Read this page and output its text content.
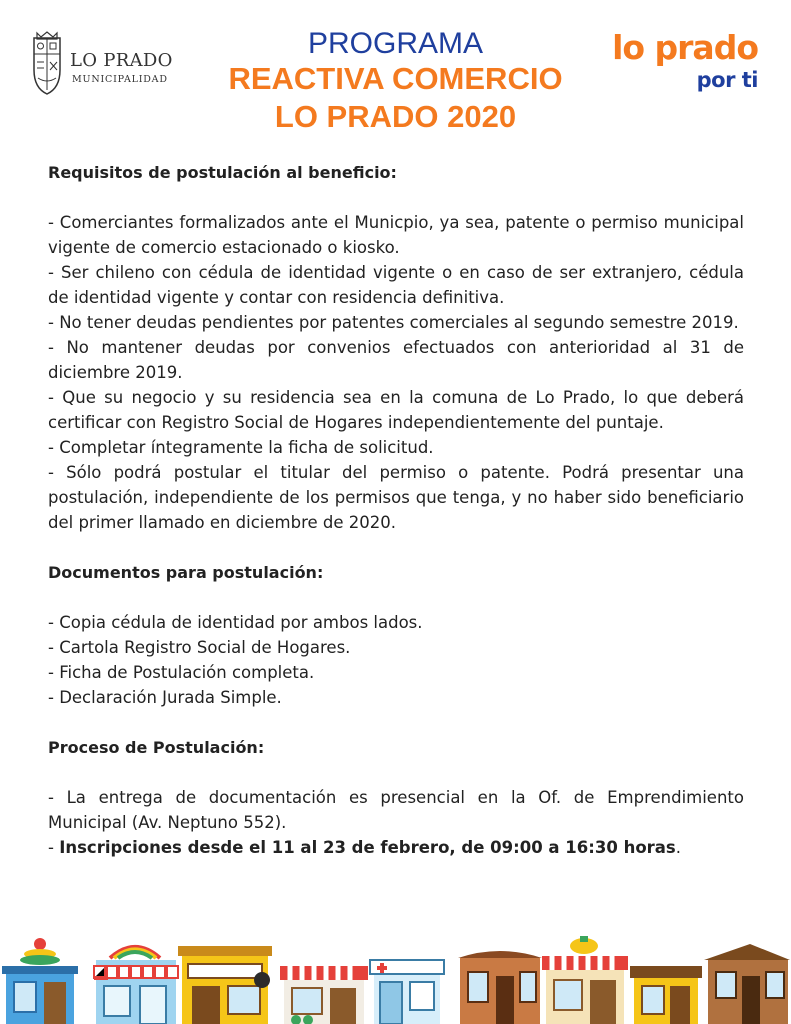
LO PRADO
MUNICIPALIDAD
PROGRAMA
REACTIVA COMERCIO
LO PRADO 2020
lo prado
por ti

Requisitos de postulación al beneficio:

- Comerciantes formalizados ante el Municpio, ya sea, patente o permiso municipal vigente de comercio estacionado o kiosko.

- Ser chileno con cédula de identidad vigente o en caso de ser extranjero, cédula de identidad vigente y contar con residencia definitiva.

- No tener deudas pendientes por patentes comerciales al segundo semestre 2019.

- No mantener deudas por convenios efectuados con anterioridad al 31 de diciembre 2019.

- Que su negocio y su residencia sea en la comuna de Lo Prado, lo que deberá certificar con Registro Social de Hogares independientemente del puntaje.

- Completar íntegramente la ficha de solicitud.

- Sólo podrá postular el titular del permiso o patente. Podrá presentar una postulación, independiente de los permisos que tenga, y no haber sido beneficiario del primer llamado en diciembre de 2020.

Documentos para postulación:

- Copia cédula de identidad por ambos lados.

- Cartola Registro Social de Hogares.

- Ficha de Postulación completa.

- Declaración Jurada Simple.

Proceso de Postulación:

- La entrega de documentación es presencial en la Of. de Emprendimiento Municipal (Av. Neptuno 552).

- Inscripciones desde el 11 al 23 de febrero, de 09:00 a 16:30 horas.
